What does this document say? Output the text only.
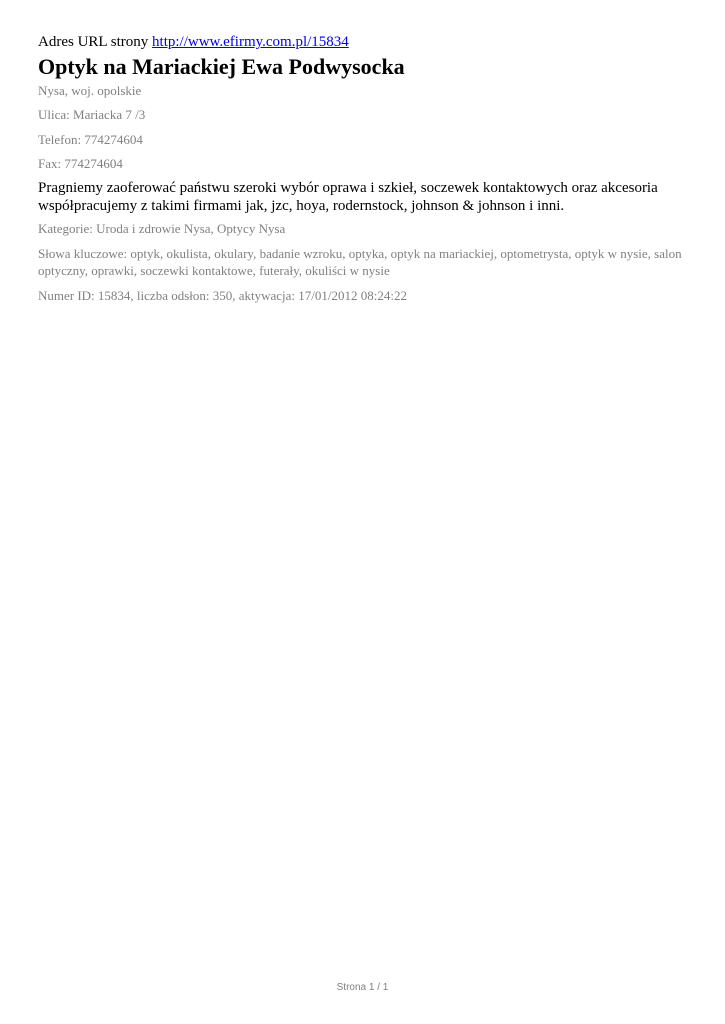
Adres URL strony http://www.efirmy.com.pl/15834
Optyk na Mariackiej Ewa Podwysocka
Nysa, woj. opolskie
Ulica: Mariacka 7 /3
Telefon: 774274604
Fax: 774274604

Pragniemy zaoferować państwu szeroki wybór oprawa i szkieł, soczewek kontaktowych oraz akcesoria współpracujemy z takimi firmami jak, jzc, hoya, rodernstock, johnson & johnson i inni.

Kategorie: Uroda i zdrowie Nysa, Optycy Nysa

Słowa kluczowe: optyk, okulista, okulary, badanie wzroku, optyka, optyk na mariackiej, optometrysta, optyk w nysie, salon optyczny, oprawki, soczewki kontaktowe, futerały, okuliści w nysie

Numer ID: 15834, liczba odsłon: 350, aktywacja: 17/01/2012 08:24:22
Strona 1 / 1
